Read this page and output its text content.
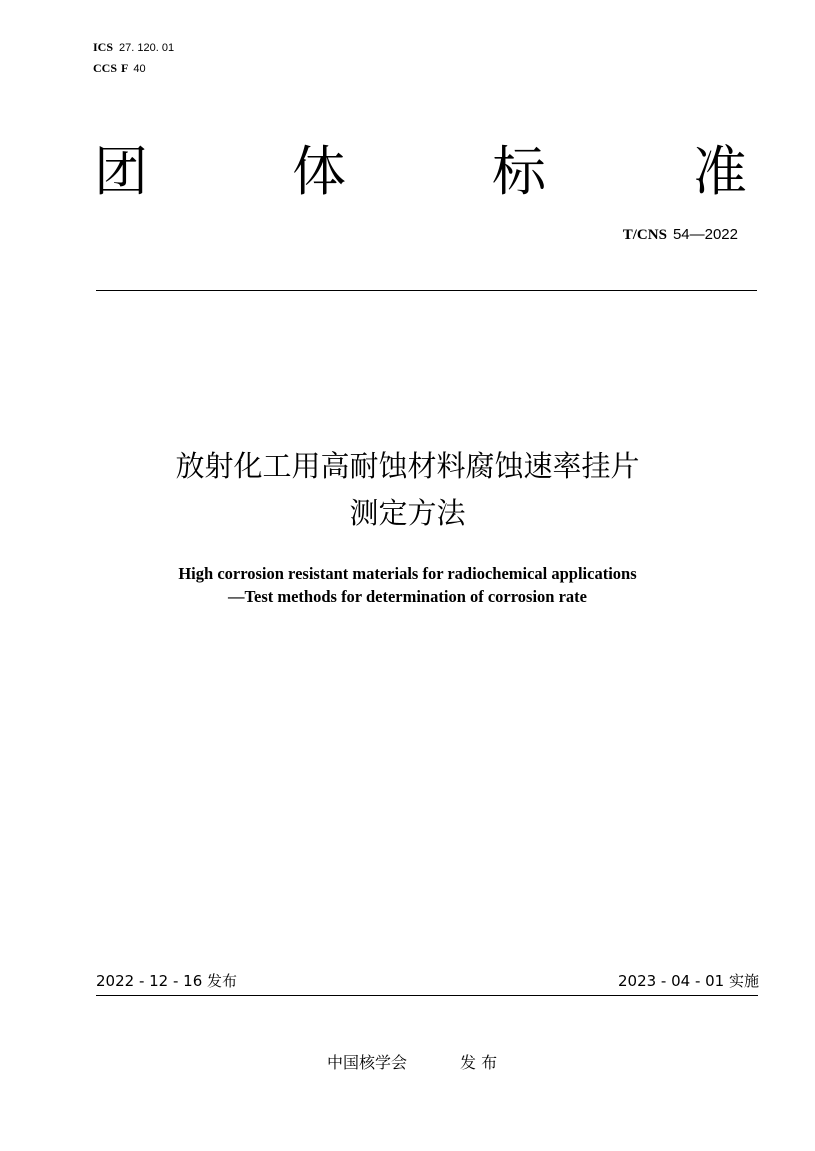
ICS 27. 120. 01
CCS F 40
团	体	标	准
T/CNS 54—2022
放射化工用高耐蚀材料腐蚀速率挂片
测定方法
High corrosion resistant materials for radiochemical applications
—Test methods for determination of corrosion rate
2022 - 12 - 16 发布	2023 - 04 - 01 实施
中国核学会	发 布
